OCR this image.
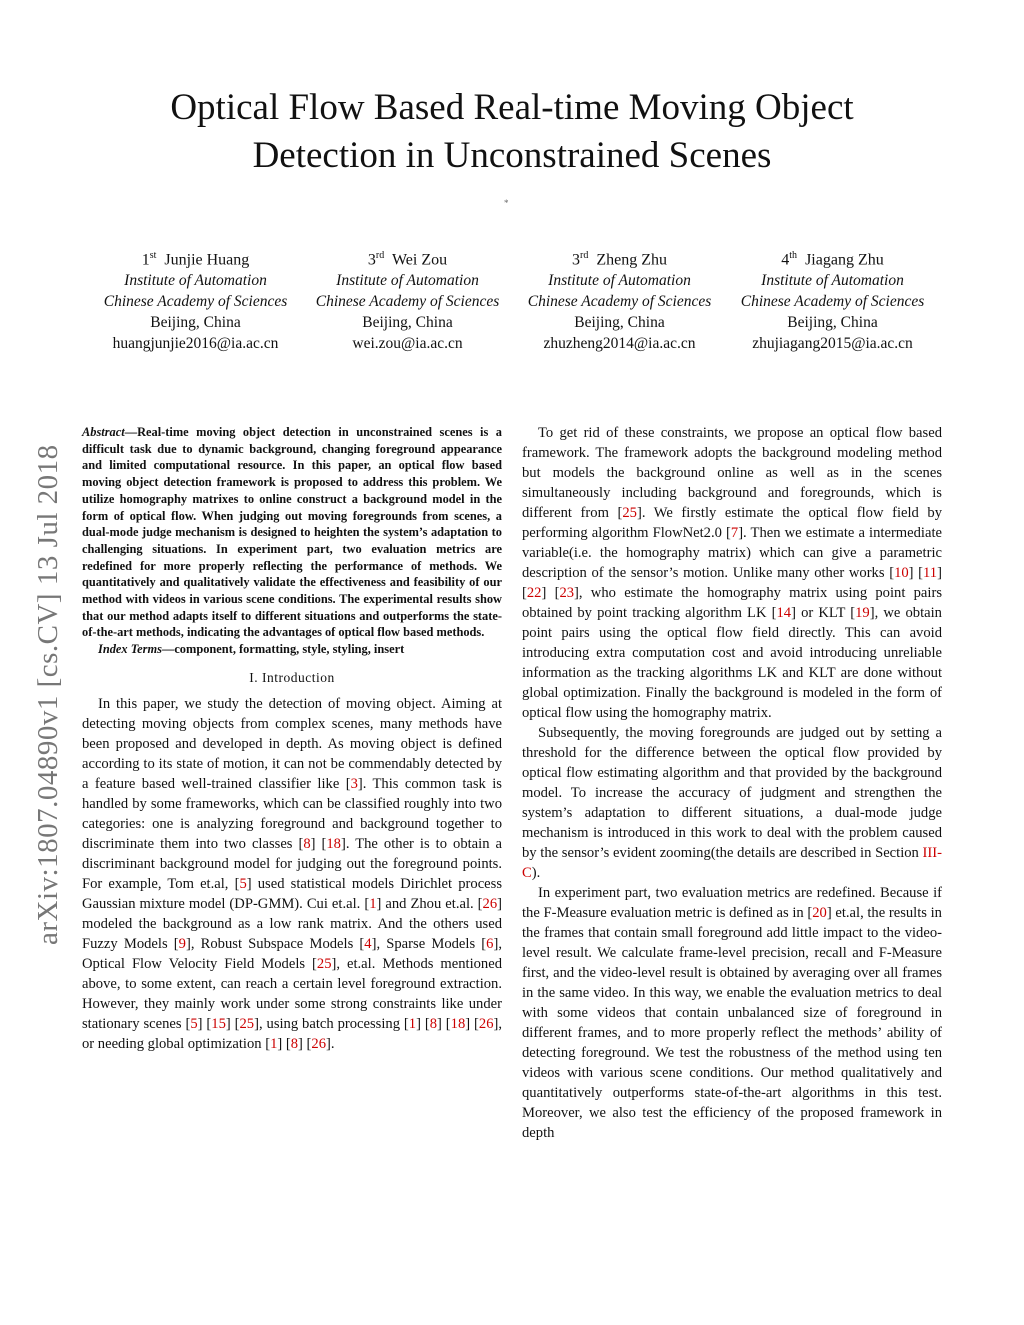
Optical Flow Based Real-time Moving Object
Detection in Unconstrained Scenes
*
arXiv:1807.04890v1 [cs.CV] 13 Jul 2018
1st Junjie Huang
Institute of Automation
Chinese Academy of Sciences
Beijing, China
huangjunjie2016@ia.ac.cn
3rd Wei Zou
Institute of Automation
Chinese Academy of Sciences
Beijing, China
wei.zou@ia.ac.cn
3rd Zheng Zhu
Institute of Automation
Chinese Academy of Sciences
Beijing, China
zhuzheng2014@ia.ac.cn
4th Jiagang Zhu
Institute of Automation
Chinese Academy of Sciences
Beijing, China
zhujiagang2015@ia.ac.cn

Abstract—Real-time moving object detection in unconstrained scenes is a difficult task due to dynamic background, changing foreground appearance and limited computational resource. In this paper, an optical flow based moving object detection framework is proposed to address this problem. We utilize homography matrixes to online construct a background model in the form of optical flow. When judging out moving foregrounds from scenes, a dual-mode judge mechanism is designed to heighten the system’s adaptation to challenging situations. In experiment part, two evaluation metrics are redefined for more properly reflecting the performance of methods. We quantitatively and qualitatively validate the effectiveness and feasibility of our method with videos in various scene conditions. The experimental results show that our method adapts itself to different situations and outperforms the state-of-the-art methods, indicating the advantages of optical flow based methods.

Index Terms—component, formatting, style, styling, insert

I. Introduction

In this paper, we study the detection of moving object. Aiming at detecting moving objects from complex scenes, many methods have been proposed and developed in depth. As moving object is defined according to its state of motion, it can not be commendably detected by a feature based well-trained classifier like [3]. This common task is handled by some frameworks, which can be classified roughly into two categories: one is analyzing foreground and background together to discriminate them into two classes [8] [18]. The other is to obtain a discriminant background model for judging out the foreground points. For example, Tom et.al, [5] used statistical models Dirichlet process Gaussian mixture model (DP-GMM). Cui et.al. [1] and Zhou et.al. [26] modeled the background as a low rank matrix. And the others used Fuzzy Models [9], Robust Subspace Models [4], Sparse Models [6], Optical Flow Velocity Field Models [25], et.al. Methods mentioned above, to some extent, can reach a certain level foreground extraction. However, they mainly work under some strong constraints like under stationary scenes [5] [15] [25], using batch processing [1] [8] [18] [26], or needing global optimization [1] [8] [26].

To get rid of these constraints, we propose an optical flow based framework. The framework adopts the background modeling method but models the background online as well as in the scenes simultaneously including background and foregrounds, which is different from [25]. We firstly estimate the optical flow field by performing algorithm FlowNet2.0 [7]. Then we estimate a intermediate variable(i.e. the homography matrix) which can give a parametric description of the sensor’s motion. Unlike many other works [10] [11] [22] [23], who estimate the homography matrix using point pairs obtained by point tracking algorithm LK [14] or KLT [19], we obtain point pairs using the optical flow field directly. This can avoid introducing extra computation cost and avoid introducing unreliable information as the tracking algorithms LK and KLT are done without global optimization. Finally the background is modeled in the form of optical flow using the homography matrix.

Subsequently, the moving foregrounds are judged out by setting a threshold for the difference between the optical flow provided by optical flow estimating algorithm and that provided by the background model. To increase the accuracy of judgment and strengthen the system’s adaptation to different situations, a dual-mode judge mechanism is introduced in this work to deal with the problem caused by the sensor’s evident zooming(the details are described in Section III-C).

In experiment part, two evaluation metrics are redefined. Because if the F-Measure evaluation metric is defined as in [20] et.al, the results in the frames that contain small foreground add little impact to the video-level result. We calculate frame-level precision, recall and F-Measure first, and the video-level result is obtained by averaging over all frames in the same video. In this way, we enable the evaluation metrics to deal with some videos that contain unbalanced size of foreground in different frames, and to more properly reflect the methods’ ability of detecting foreground. We test the robustness of the method using ten videos with various scene conditions. Our method qualitatively and quantitatively outperforms state-of-the-art algorithms in this test. Moreover, we also test the efficiency of the proposed framework in depth
